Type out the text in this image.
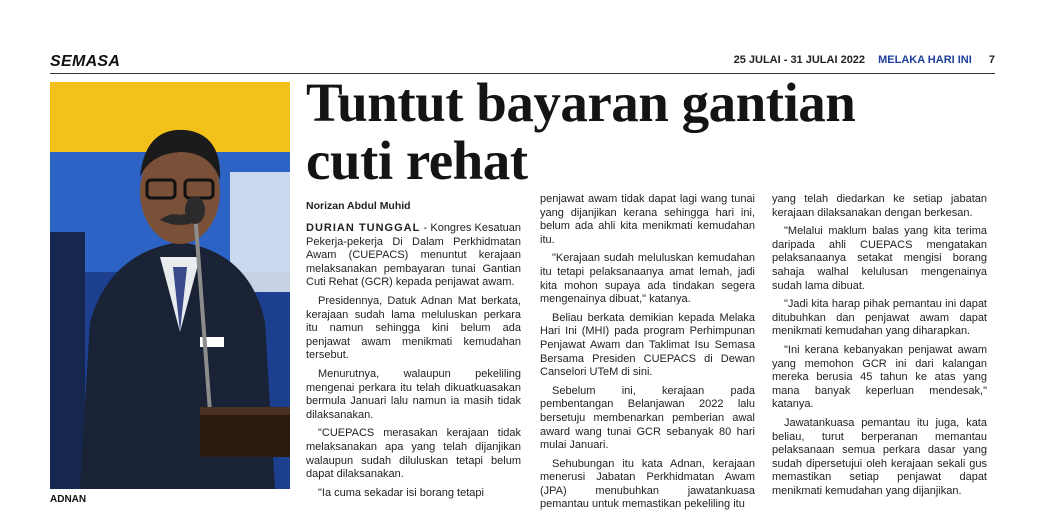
SEMASA	25 JULAI - 31 JULAI 2022 MELAKA HARI INI 7
ADNAN
Tuntut bayaran gantian
cuti rehat
Norizan Abdul Muhid

DURIAN TUNGGAL - Kongres Kesatuan Pekerja-pekerja Di Dalam Perkhidmatan Awam (CUEPACS) menuntut kerajaan melaksanakan pembayaran tunai Gantian Cuti Rehat (GCR) kepada penjawat awam.

Presidennya, Datuk Adnan Mat berkata, kerajaan sudah lama meluluskan perkara itu namun sehingga kini belum ada penjawat awam menikmati kemudahan tersebut.

Menurutnya, walaupun pekeliling mengenai perkara itu telah dikuatkuasakan bermula Januari lalu namun ia masih tidak dilaksanakan.

"CUEPACS merasakan kerajaan tidak melaksanakan apa yang telah dijanjikan walaupun sudah diluluskan tetapi belum dapat dilaksanakan.

"Ia cuma sekadar isi borang tetapi

penjawat awam tidak dapat lagi wang tunai yang dijanjikan kerana sehingga hari ini, belum ada ahli kita menikmati kemudahan itu.

"Kerajaan sudah meluluskan kemudahan itu tetapi pelaksanaanya amat lemah, jadi kita mohon supaya ada tindakan segera mengenainya dibuat," katanya.

Beliau berkata demikian kepada Melaka Hari Ini (MHI) pada program Perhimpunan Penjawat Awam dan Taklimat Isu Semasa Bersama Presiden CUEPACS di Dewan Canselori UTeM di sini.

Sebelum ini, kerajaan pada pembentangan Belanjawan 2022 lalu bersetuju membenarkan pemberian awal award wang tunai GCR sebanyak 80 hari mulai Januari.

Sehubungan itu kata Adnan, kerajaan menerusi Jabatan Perkhidmatan Awam (JPA) menubuhkan jawatankuasa pemantau untuk memastikan pekeliling itu

yang telah diedarkan ke setiap jabatan kerajaan dilaksanakan dengan berkesan.

"Melalui maklum balas yang kita terima daripada ahli CUEPACS mengatakan pelaksanaanya setakat mengisi borang sahaja walhal kelulusan mengenainya sudah lama dibuat.

"Jadi kita harap pihak pemantau ini dapat ditubuhkan dan penjawat awam dapat menikmati kemudahan yang diharapkan.

"Ini kerana kebanyakan penjawat awam yang memohon GCR ini dari kalangan mereka berusia 45 tahun ke atas yang mana banyak keperluan mendesak," katanya.

Jawatankuasa pemantau itu juga, kata beliau, turut berperanan memantau pelaksanaan semua perkara dasar yang sudah dipersetujui oleh kerajaan sekali gus memastikan setiap penjawat dapat menikmati kemudahan yang dijanjikan.
